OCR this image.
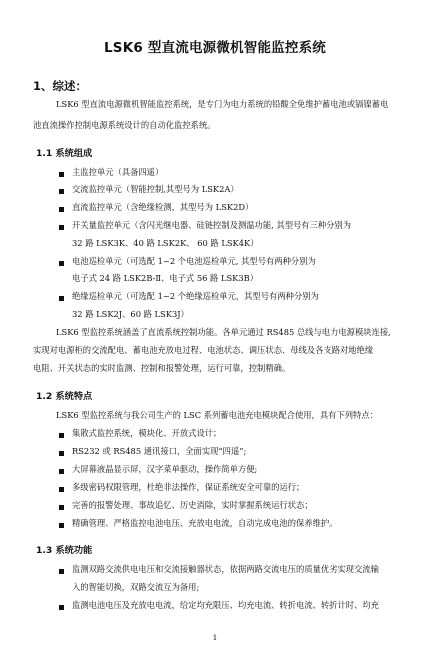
LSK6 型直流电源微机智能监控系统
1、综述：
LSK6 型直流电源微机智能监控系统，是专门为电力系统的铅酸全免维护蓄电池或镉镍蓄电
池直流操作控制电源系统设计的自动化监控系统。
1.1 系统组成
主监控单元（具备四遥）
交流监控单元（智能控制,其型号为 LSK2A）
直流监控单元（含绝缘检测，其型号为 LSK2D）
开关量监控单元（含闪光继电器、硅链控制及测温功能, 其型号有三种分别为
32 路 LSK3K、40 路 LSK2K、 60 路 LSK4K）
电池巡检单元（可选配 1~2 个电池巡检单元, 其型号有两种分别为
电子式 24 路 LSK2B-Ⅱ、电子式 56 路 LSK3B）
绝缘巡检单元（可选配 1~2 个绝缘巡检单元，其型号有两种分别为
32 路 LSK2J、60 路 LSK3J）
LSK6 型监控系统涵盖了直流系统控制功能。各单元通过 RS485 总线与电力电源模块连接,
实现对电源柜的交流配电、蓄电池充放电过程、电池状态、调压状态、母线及各支路对地绝缘
电阻、开关状态的实时监测、控制和报警处理，运行可靠，控制精确。
1.2 系统特点
LSK6 型监控系统与我公司生产的 LSC 系列蓄电池充电模块配合使用，具有下列特点：
集散式监控系统，模块化、开放式设计；
RS232 或 RS485 通讯接口，全面实现“四遥”;
大屏幕液晶显示屏，汉字菜单驱动，操作简单方便;
多级密码权限管理，杜绝非法操作，保证系统安全可靠的运行；
完善的报警处理、事故追忆、历史消除，实时掌握系统运行状态；
精确管理、严格监控电池电压、充放电电流，自动完成电池的保养维护。
1.3 系统功能
监测双路交流供电电压和交流接触器状态，依据两路交流电压的质量优劣实现交流输
入的智能切换，双路交流互为备用;
监测电池电压及充放电电流，给定均充限压、均充电流、转折电流、转折计时、均充
1
